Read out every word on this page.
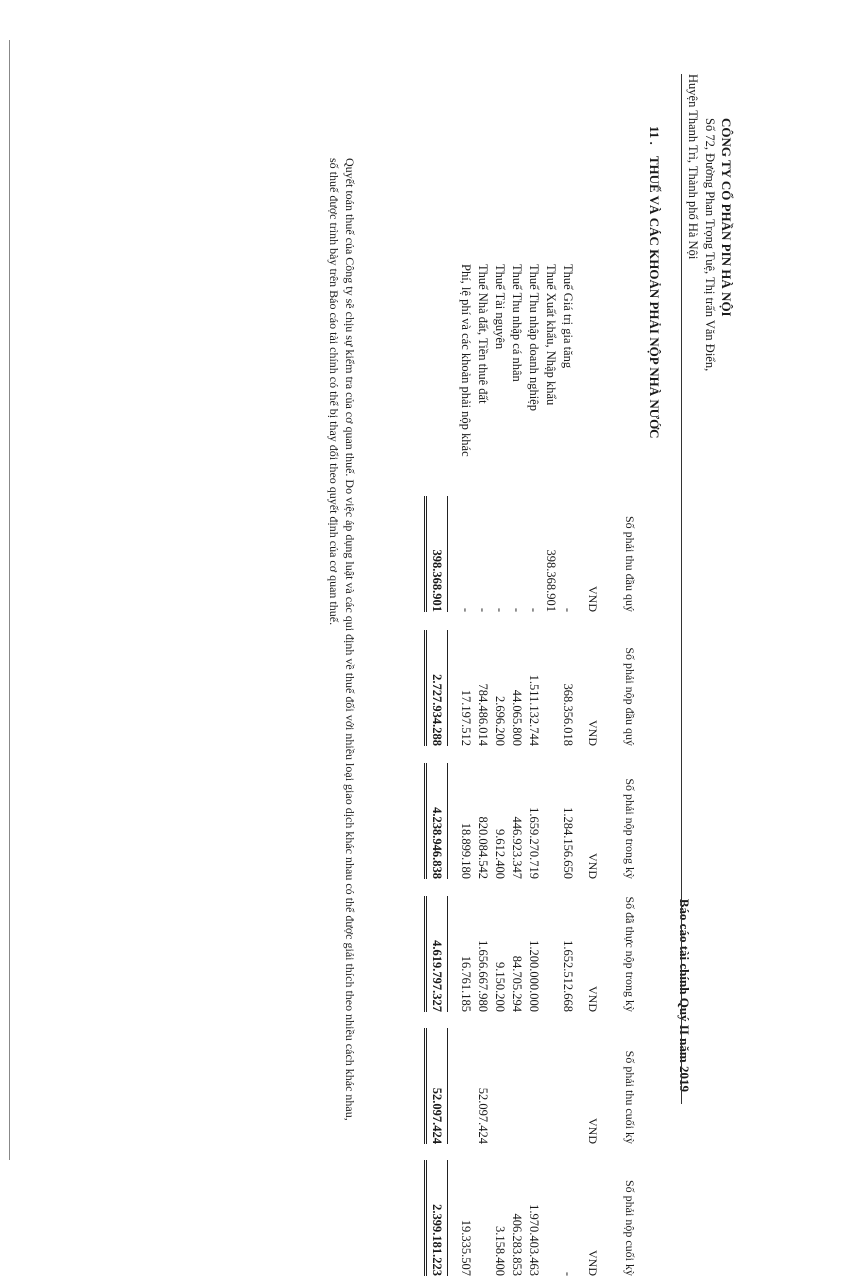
CÔNG TY CỔ PHẦN PIN HÀ NỘI
Số 72, Đường Phan Trọng Tuệ, Thị trấn Văn Điển,
Huyện Thanh Trì, Thành phố Hà Nội
Báo cáo tài chính Quý II năm 2019
11 . THUẾ VÀ CÁC KHOẢN PHẢI NỘP NHÀ NƯỚC
Số phải thu đầu quý
Số phải nộp đầu quý
Số phải nộp trong kỳ
Số đã thực nộp trong kỳ
Số phải thu cuối kỳ
Số phải nộp cuối kỳ
VND
VND
VND
VND
VND
VND
Thuế Giá trị gia tăng
-
368.356.018
1.284.156.650
1.652.512.668
-
Thuế Xuất khẩu, Nhập khẩu
398.368.901
Thuế Thu nhập doanh nghiệp
-
1.511.132.744
1.659.270.719
1.200.000.000
1.970.403.463
Thuế Thu nhập cá nhân
-
44.065.800
446.923.347
84.705.294
406.283.853
Thuế Tài nguyên
-
2.696.200
9.612.400
9.150.200
3.158.400
Thuế Nhà đất, Tiền thuê đất
-
784.486.014
820.084.542
1.656.667.980
52.097.424
Phí, lệ phí và các khoản phải nộp khác
-
17.197.512
18.899.180
16.761.185
19.335.507
398.368.901
2.727.934.288
4.238.946.838
4.619.797.327
52.097.424
2.399.181.223
Quyết toán thuế của Công ty sẽ chịu sự kiểm tra của cơ quan thuế. Do việc áp dụng luật và các qui định về thuế đối với nhiều loại giao dịch khác nhau có thể được giải thích theo nhiều cách khác nhau, số thuế được trình bày trên Báo cáo tài chính có thể bị thay đổi theo quyết định của cơ quan thuế.
